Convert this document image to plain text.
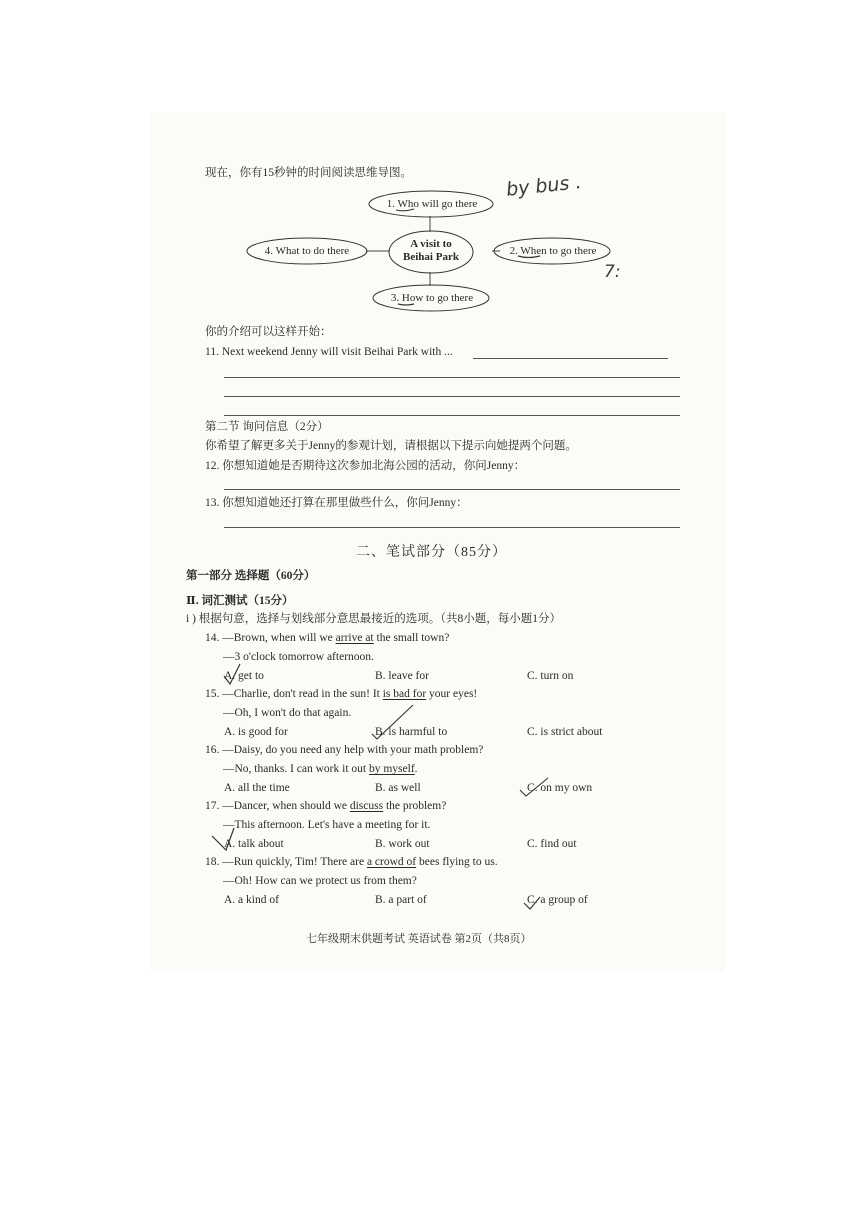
现在，你有15秒钟的时间阅读思维导图。
1. Who will go there
A visit to
Beihai Park
4. What to do there	2. When to go there
3. How to go there
by bus .
7:
你的介绍可以这样开始：
11. Next weekend Jenny will visit Beihai Park with ...
第二节 询问信息（2分）
你希望了解更多关于Jenny的参观计划，请根据以下提示向她提两个问题。
12. 你想知道她是否期待这次参加北海公园的活动，你问Jenny：
13. 你想知道她还打算在那里做些什么，你问Jenny：
二、笔试部分（85分）
第一部分 选择题（60分）
Ⅱ. 词汇测试（15分）
i ) 根据句意，选择与划线部分意思最接近的选项。（共8小题，每小题1分）
14. —Brown, when will we arrive at the small town?
—3 o'clock tomorrow afternoon.
A. get to	B. leave for	C. turn on
15. —Charlie, don't read in the sun! It is bad for your eyes!
—Oh, I won't do that again.
A. is good for	B. is harmful to	C. is strict about
16. —Daisy, do you need any help with your math problem?
—No, thanks. I can work it out by myself.
A. all the time	B. as well	C. on my own
17. —Dancer, when should we discuss the problem?
—This afternoon. Let's have a meeting for it.
A. talk about	B. work out	C. find out
18. —Run quickly, Tim! There are a crowd of bees flying to us.
—Oh! How can we protect us from them?
A. a kind of	B. a part of	C. a group of
七年级期末供题考试 英语试卷 第2页（共8页）
